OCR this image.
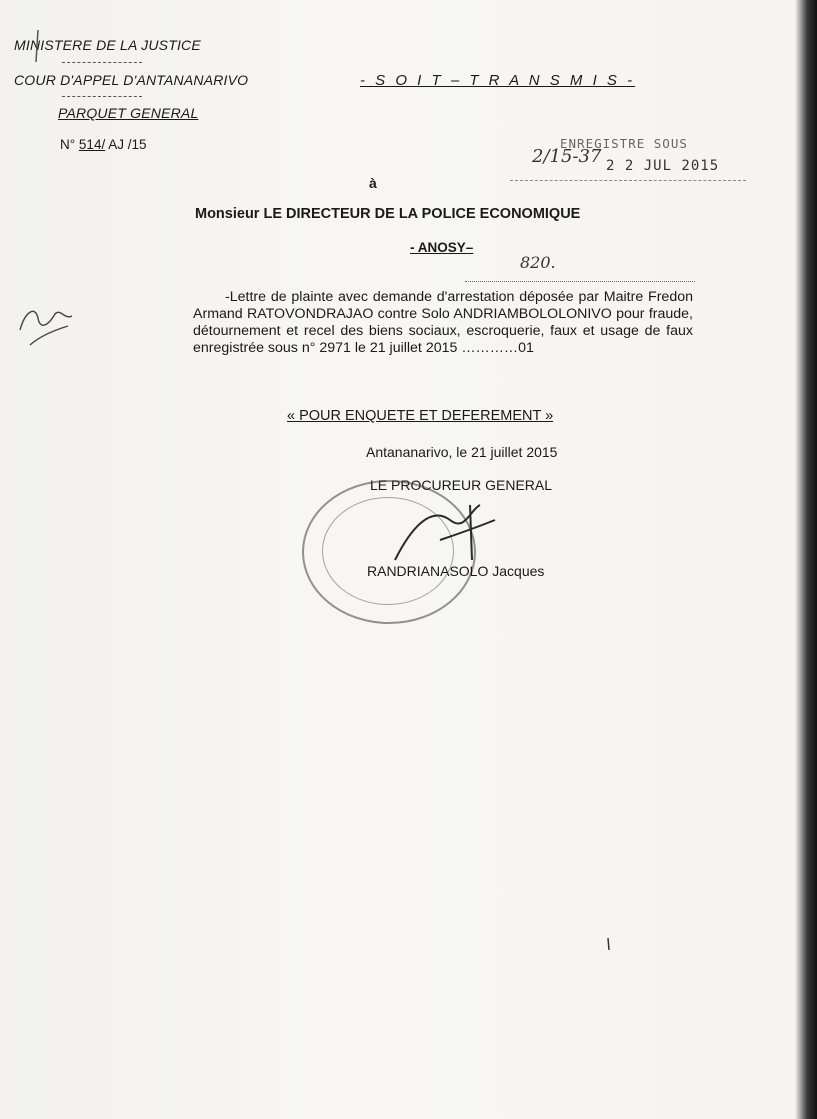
MINISTERE DE LA JUSTICE
COUR D'APPEL D'ANTANANARIVO
PARQUET GENERAL
N° 514/ AJ /15
- S O I T – T R A N S M I S -
ENREGISTRE SOUS
2/15-37 2 2 JUL 2015
à
Monsieur LE DIRECTEUR DE LA POLICE ECONOMIQUE
- ANOSY–
820.
-Lettre de plainte avec demande d'arrestation déposée par Maitre Fredon Armand RATOVONDRAJAO contre Solo ANDRIAMBOLOLONIVO pour fraude, détournement et recel des biens sociaux, escroquerie, faux et usage de faux enregistrée sous n° 2971 le 21 juillet 2015 …………01
« POUR ENQUETE ET DEFEREMENT »
Antananarivo, le 21 juillet 2015
LE PROCUREUR GENERAL
RANDRIANASOLO Jacques
